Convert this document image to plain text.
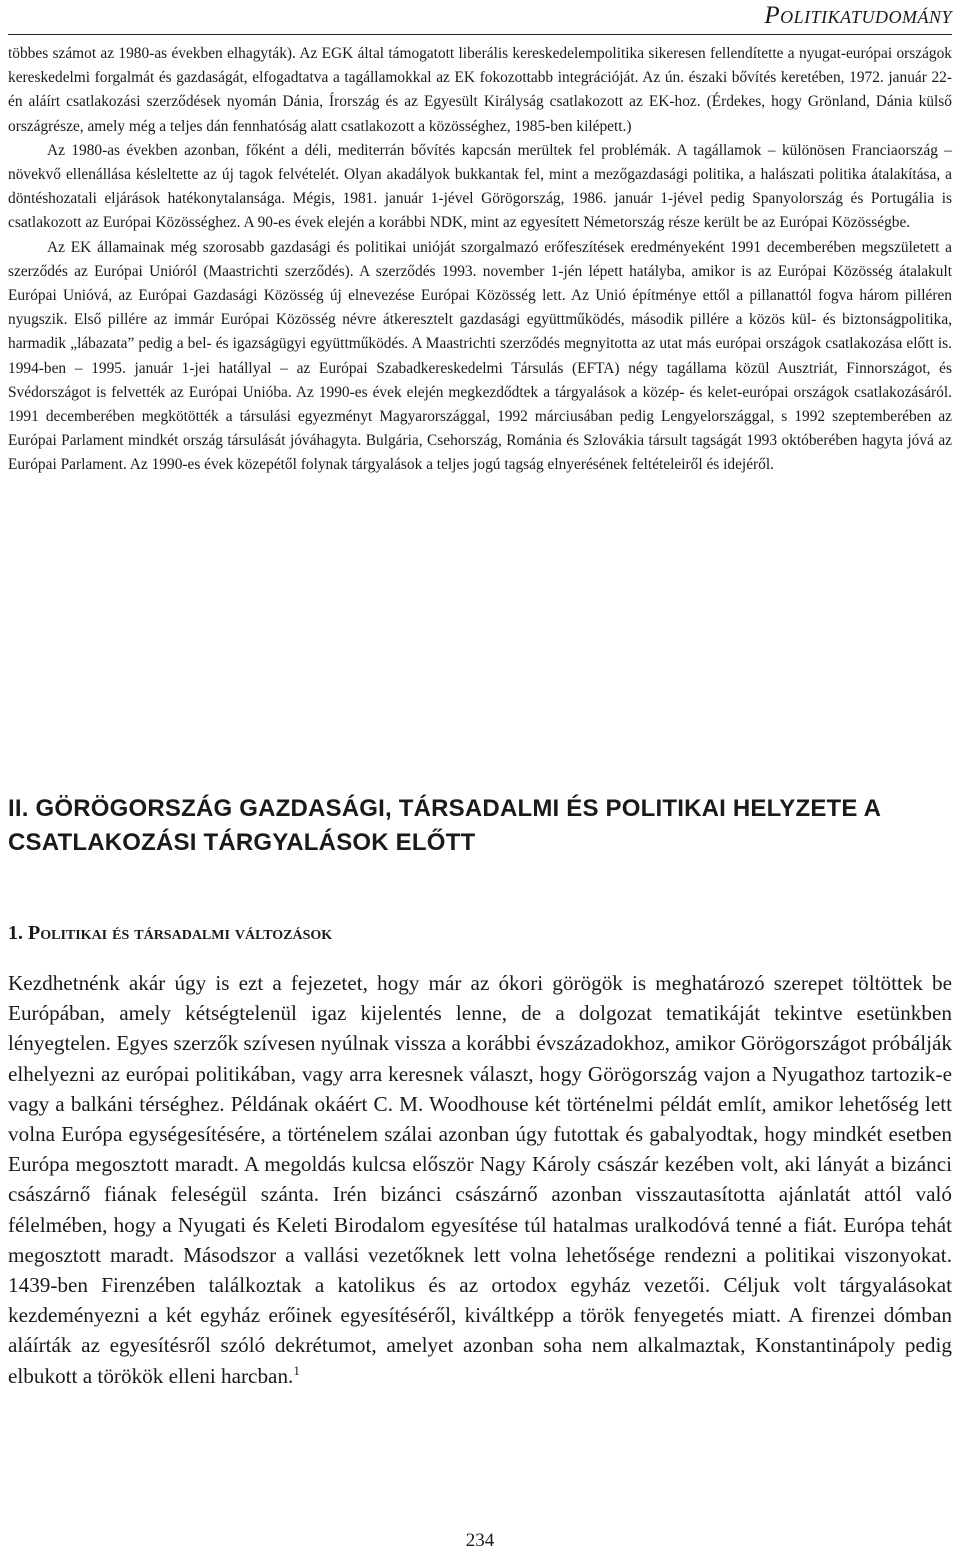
Politikatudomány

többes számot az 1980-as években elhagyták). Az EGK által támogatott liberális kereskedelempolitika sikeresen fellendítette a nyugat-európai országok kereskedelmi forgalmát és gazdaságát, elfogadtatva a tagállamokkal az EK fokozottabb integrációját. Az ún. északi bővítés keretében, 1972. január 22-én aláírt csatlakozási szerződések nyomán Dánia, Írország és az Egyesült Királyság csatlakozott az EK-hoz. (Érdekes, hogy Grönland, Dánia külső országrésze, amely még a teljes dán fennhatóság alatt csatlakozott a közösséghez, 1985-ben kilépett.)

Az 1980-as években azonban, főként a déli, mediterrán bővítés kapcsán merültek fel problémák. A tagállamok – különösen Franciaország – növekvő ellenállása késleltette az új tagok felvételét. Olyan akadályok bukkantak fel, mint a mezőgazdasági politika, a halászati politika átalakítása, a döntéshozatali eljárások hatékonytalansága. Mégis, 1981. január 1-jével Görögország, 1986. január 1-jével pedig Spanyolország és Portugália is csatlakozott az Európai Közösséghez. A 90-es évek elején a korábbi NDK, mint az egyesített Németország része került be az Európai Közösségbe.

Az EK államainak még szorosabb gazdasági és politikai unióját szorgalmazó erőfeszítések eredményeként 1991 decemberében megszületett a szerződés az Európai Unióról (Maastrichti szerződés). A szerződés 1993. november 1-jén lépett hatályba, amikor is az Európai Közösség átalakult Európai Unióvá, az Európai Gazdasági Közösség új elnevezése Európai Közösség lett. Az Unió építménye ettől a pillanattól fogva három pilléren nyugszik. Első pillére az immár Európai Közösség névre átkeresztelt gazdasági együttműködés, második pillére a közös kül- és biztonságpolitika, harmadik „lábazata” pedig a bel- és igazságügyi együttműködés. A Maastrichti szerződés megnyitotta az utat más európai országok csatlakozása előtt is. 1994-ben – 1995. január 1-jei hatállyal – az Európai Szabadkereskedelmi Társulás (EFTA) négy tagállama közül Ausztriát, Finnországot, és Svédországot is felvették az Európai Unióba. Az 1990-es évek elején megkezdődtek a tárgyalások a közép- és kelet-európai országok csatlakozásáról. 1991 decemberében megkötötték a társulási egyezményt Magyarországgal, 1992 márciusában pedig Lengyelországgal, s 1992 szeptemberében az Európai Parlament mindkét ország társulását jóváhagyta. Bulgária, Csehország, Románia és Szlovákia társult tagságát 1993 októberében hagyta jóvá az Európai Parlament. Az 1990-es évek közepétől folynak tárgyalások a teljes jogú tagság elnyerésének feltételeiről és idejéről.

II. GÖRÖGORSZÁG GAZDASÁGI, TÁRSADALMI ÉS POLITIKAI HELYZETE A CSATLAKOZÁSI TÁRGYALÁSOK ELŐTT
1. Politikai és társadalmi változások

Kezdhetnénk akár úgy is ezt a fejezetet, hogy már az ókori görögök is meghatározó szerepet töltöttek be Európában, amely kétségtelenül igaz kijelentés lenne, de a dolgozat tematikáját tekintve esetünkben lényegtelen. Egyes szerzők szívesen nyúlnak vissza a korábbi évszázadokhoz, amikor Görögországot próbálják elhelyezni az európai politikában, vagy arra keresnek választ, hogy Görögország vajon a Nyugathoz tartozik-e vagy a balkáni térséghez. Példának okáért C. M. Woodhouse két történelmi példát említ, amikor lehetőség lett volna Európa egységesítésére, a történelem szálai azonban úgy futottak és gabalyodtak, hogy mindkét esetben Európa megosztott maradt. A megoldás kulcsa először Nagy Károly császár kezében volt, aki lányát a bizánci császárnő fiának feleségül szánta. Irén bizánci császárnő azonban visszautasította ajánlatát attól való félelmében, hogy a Nyugati és Keleti Birodalom egyesítése túl hatalmas uralkodóvá tenné a fiát. Európa tehát megosztott maradt. Másodszor a vallási vezetőknek lett volna lehetősége rendezni a politikai viszonyokat. 1439-ben Firenzében találkoztak a katolikus és az ortodox egyház vezetői. Céljuk volt tárgyalásokat kezdeményezni a két egyház erőinek egyesítéséről, kiváltképp a török fenyegetés miatt. A firenzei dómban aláírták az egyesítésről szóló dekrétumot, amelyet azonban soha nem alkalmaztak, Konstantinápoly pedig elbukott a törökök elleni harcban.$^1$

234
